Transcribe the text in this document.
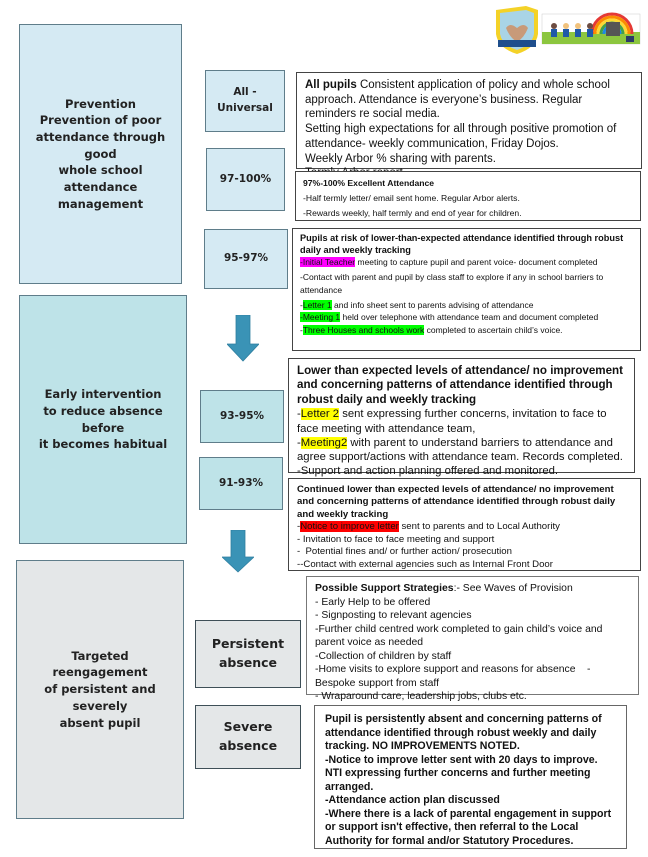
Prevention
Prevention of poor
attendance through good
whole school attendance
management
Early intervention
to reduce absence before
it becomes habitual
Targeted reengagement
of persistent and severely
absent pupil
All -
Universal
97-100%
95-97%
93-95%
91-93%
Persistent
absence
Severe
absence
All pupils Consistent application of policy and whole school approach. Attendance is everyone’s business. Regular reminders re social media.
Setting high expectations for all through positive promotion of attendance- weekly communication, Friday Dojos.
Weekly Arbor % sharing with parents.
97%-100% Excellent Attendance
-Half termly letter/ email sent home. Regular Arbor alerts.
-Rewards weekly, half termly and end of year for children.
Pupils at risk of lower-than-expected attendance identified through robust daily and weekly tracking
-Initial Teacher meeting to capture pupil and parent voice- document completed
-Contact with parent and pupil by class staff to explore if any in school barriers to attendance
-Letter 1 and info sheet sent to parents advising of attendance
-Meeting 1 held over telephone with attendance team and document completed
-Three Houses and schools work completed to ascertain child’s voice.
Lower than expected levels of attendance/ no improvement and concerning patterns of attendance identified through robust daily and weekly tracking
-Letter 2 sent expressing further concerns, invitation to face to face meeting with attendance team,
-Meeting2 with parent to understand barriers to attendance and agree support/actions with attendance team. Records completed.
-Support and action planning offered and monitored.
Continued lower than expected levels of attendance/ no improvement and concerning patterns of attendance identified through robust daily and weekly tracking
-Notice to improve letter sent to parents and to Local Authority
- Invitation to face to face meeting and support
-  Potential fines and/ or further action/ prosecution
--Contact with external agencies such as Internal Front Door
Possible Support Strategies:- See Waves of Provision
- Early Help to be offered
- Signposting to relevant agencies
-Further child centred work completed to gain child’s voice and parent voice as needed
-Collection of children by staff
-Home visits to explore support and reasons for absence    - Bespoke support from staff
- Wraparound care, leadership jobs, clubs etc.
Pupil is persistently absent and concerning patterns of attendance identified through robust weekly and daily tracking. NO IMPROVEMENTS NOTED.
-Notice to improve letter sent with 20 days to improve. NTI expressing further concerns and further meeting arranged.
-Attendance action plan discussed
-Where there is a lack of parental engagement in support or support isn't effective, then referral to the Local Authority for formal and/or Statutory Procedures.
